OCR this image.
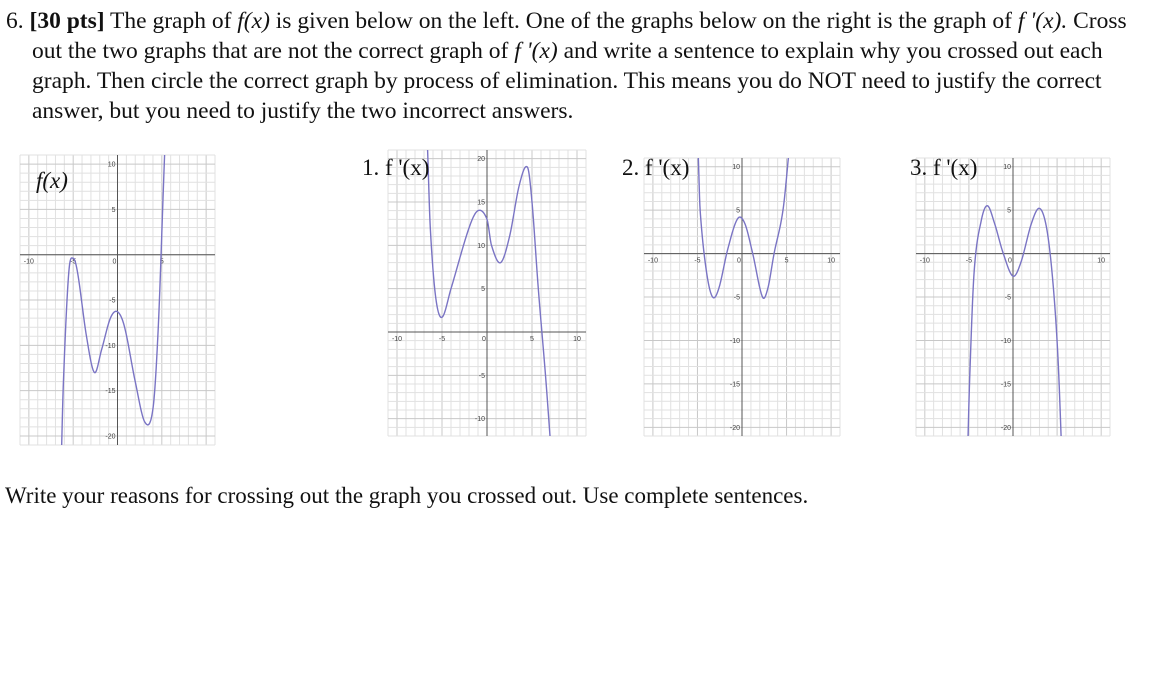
6. [30 pts] The graph of f(x) is given below on the left. One of the graphs below on the right is the graph of f '(x). Cross out the two graphs that are not the correct graph of f '(x) and write a sentence to explain why you crossed out each graph. Then circle the correct graph by process of elimination. This means you do NOT need to justify the correct answer, but you need to justify the two incorrect answers.
-10	-5	0	5
10
5
-5
-10
-15
-20
f(x)
-10	-5	0	5	10
20
15
10
5
-5
-10
1. f '(x)
-10	-5	0	5	10
10
5
-5
-10
-15
-20
2. f '(x)
-10	-5	0	10
10
5
-5
-10
-15
-20
3. f '(x)

Write your reasons for crossing out the graph you crossed out. Use complete sentences.
